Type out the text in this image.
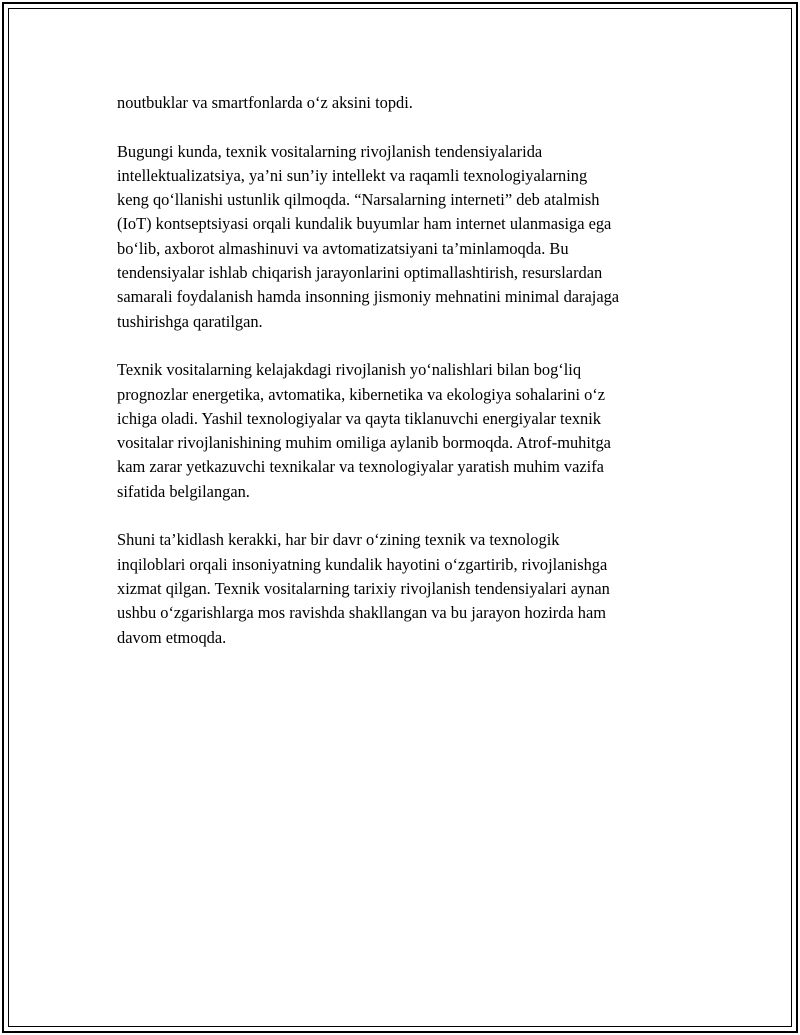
noutbuklar va smartfonlarda o‘z aksini topdi.

Bugungi kunda, texnik vositalarning rivojlanish tendensiyalarida
intellektualizatsiya, ya’ni sun’iy intellekt va raqamli texnologiyalarning
keng qo‘llanishi ustunlik qilmoqda. “Narsalarning interneti” deb atalmish
(IoT) kontseptsiyasi orqali kundalik buyumlar ham internet ulanmasiga ega
bo‘lib, axborot almashinuvi va avtomatizatsiyani ta’minlamoqda. Bu
tendensiyalar ishlab chiqarish jarayonlarini optimallashtirish, resurslardan
samarali foydalanish hamda insonning jismoniy mehnatini minimal darajaga
tushirishga qaratilgan.

Texnik vositalarning kelajakdagi rivojlanish yo‘nalishlari bilan bog‘liq
prognozlar energetika, avtomatika, kibernetika va ekologiya sohalarini o‘z
ichiga oladi. Yashil texnologiyalar va qayta tiklanuvchi energiyalar texnik
vositalar rivojlanishining muhim omiliga aylanib bormoqda. Atrof-muhitga
kam zarar yetkazuvchi texnikalar va texnologiyalar yaratish muhim vazifa
sifatida belgilangan.

Shuni ta’kidlash kerakki, har bir davr o‘zining texnik va texnologik
inqiloblari orqali insoniyatning kundalik hayotini o‘zgartirib, rivojlanishga
xizmat qilgan. Texnik vositalarning tarixiy rivojlanish tendensiyalari aynan
ushbu o‘zgarishlarga mos ravishda shakllangan va bu jarayon hozirda ham
davom etmoqda.
